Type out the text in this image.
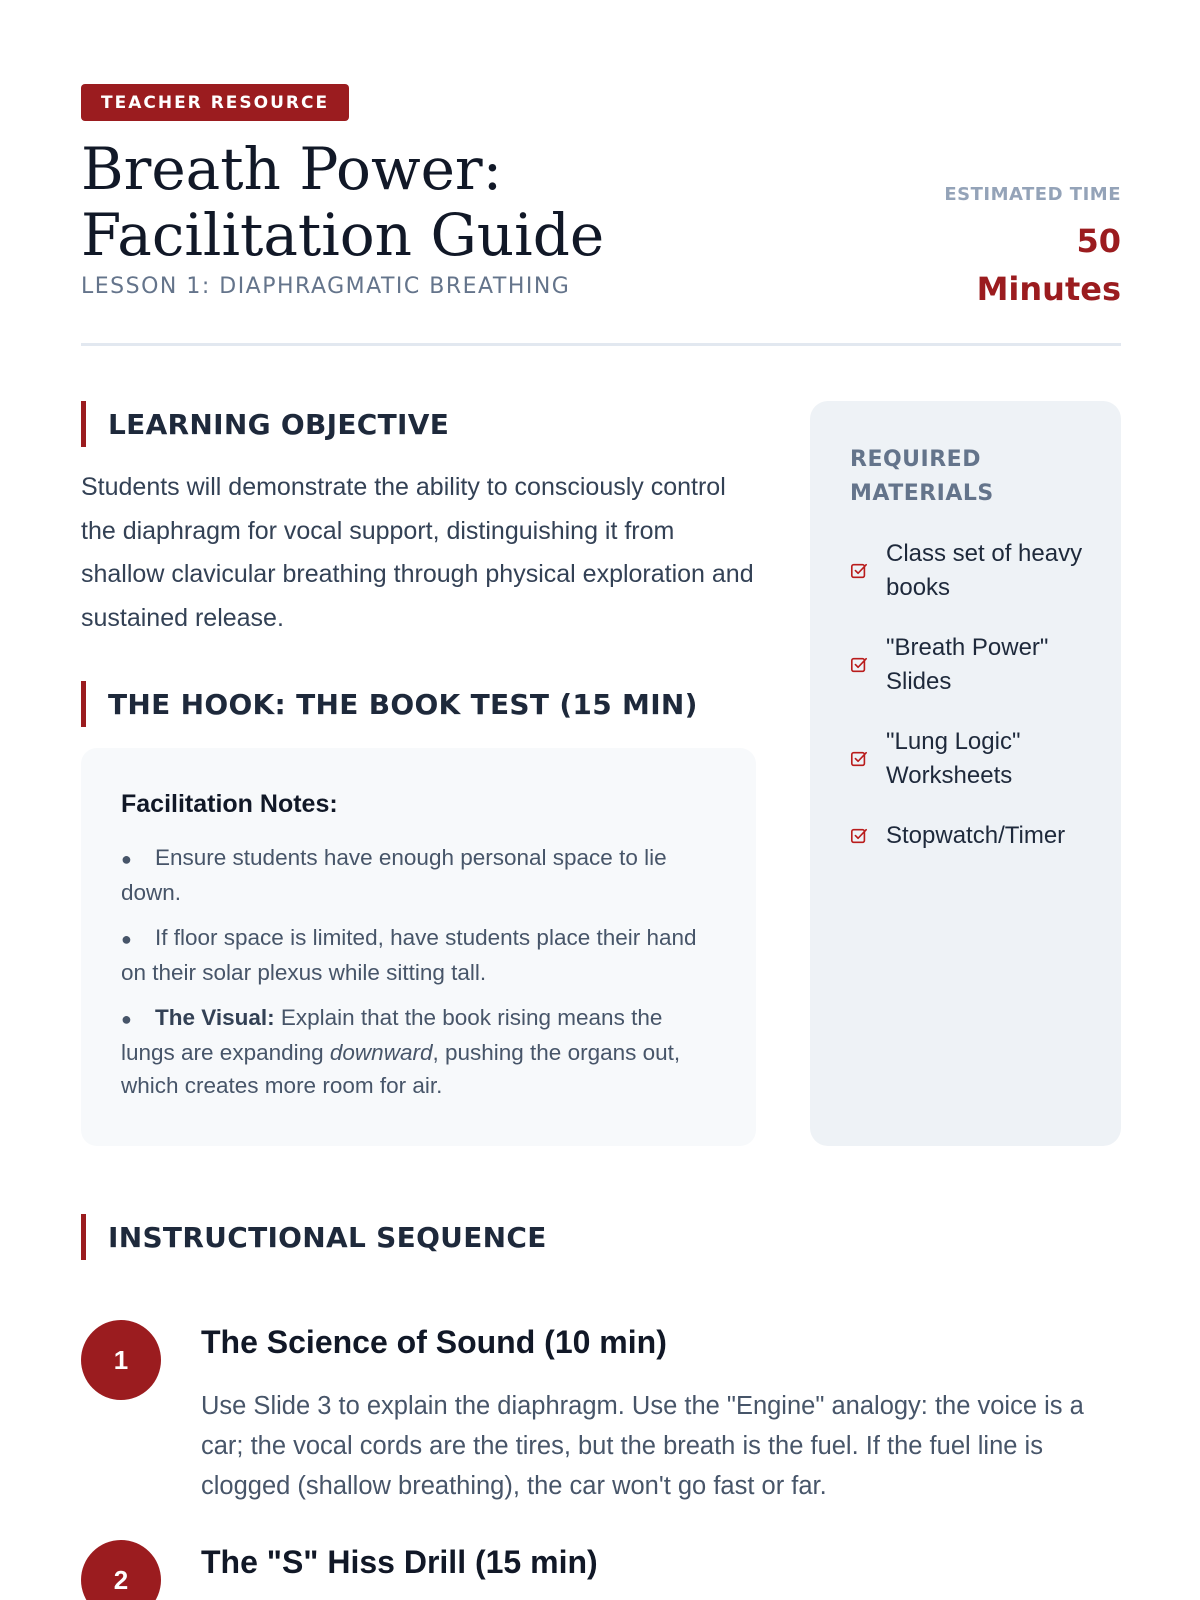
TEACHER RESOURCE
Breath Power: Facilitation Guide
LESSON 1: DIAPHRAGMATIC BREATHING
ESTIMATED TIME
50 Minutes
LEARNING OBJECTIVE

Students will demonstrate the ability to consciously control the diaphragm for vocal support, distinguishing it from shallow clavicular breathing through physical exploration and sustained release.

THE HOOK: THE BOOK TEST (15 MIN)
Facilitation Notes:
● Ensure students have enough personal space to lie down.
● If floor space is limited, have students place their hand on their solar plexus while sitting tall.
● The Visual: Explain that the book rising means the lungs are expanding downward, pushing the organs out, which creates more room for air.
REQUIRED MATERIALS
Class set of heavy books
"Breath Power" Slides
"Lung Logic" Worksheets
Stopwatch/Timer
INSTRUCTIONAL SEQUENCE
1	The Science of Sound (10 min)

Use Slide 3 to explain the diaphragm. Use the "Engine" analogy: the voice is a car; the vocal cords are the tires, but the breath is the fuel. If the fuel line is clogged (shallow breathing), the car won't go fast or far.

2	The "S" Hiss Drill (15 min)
